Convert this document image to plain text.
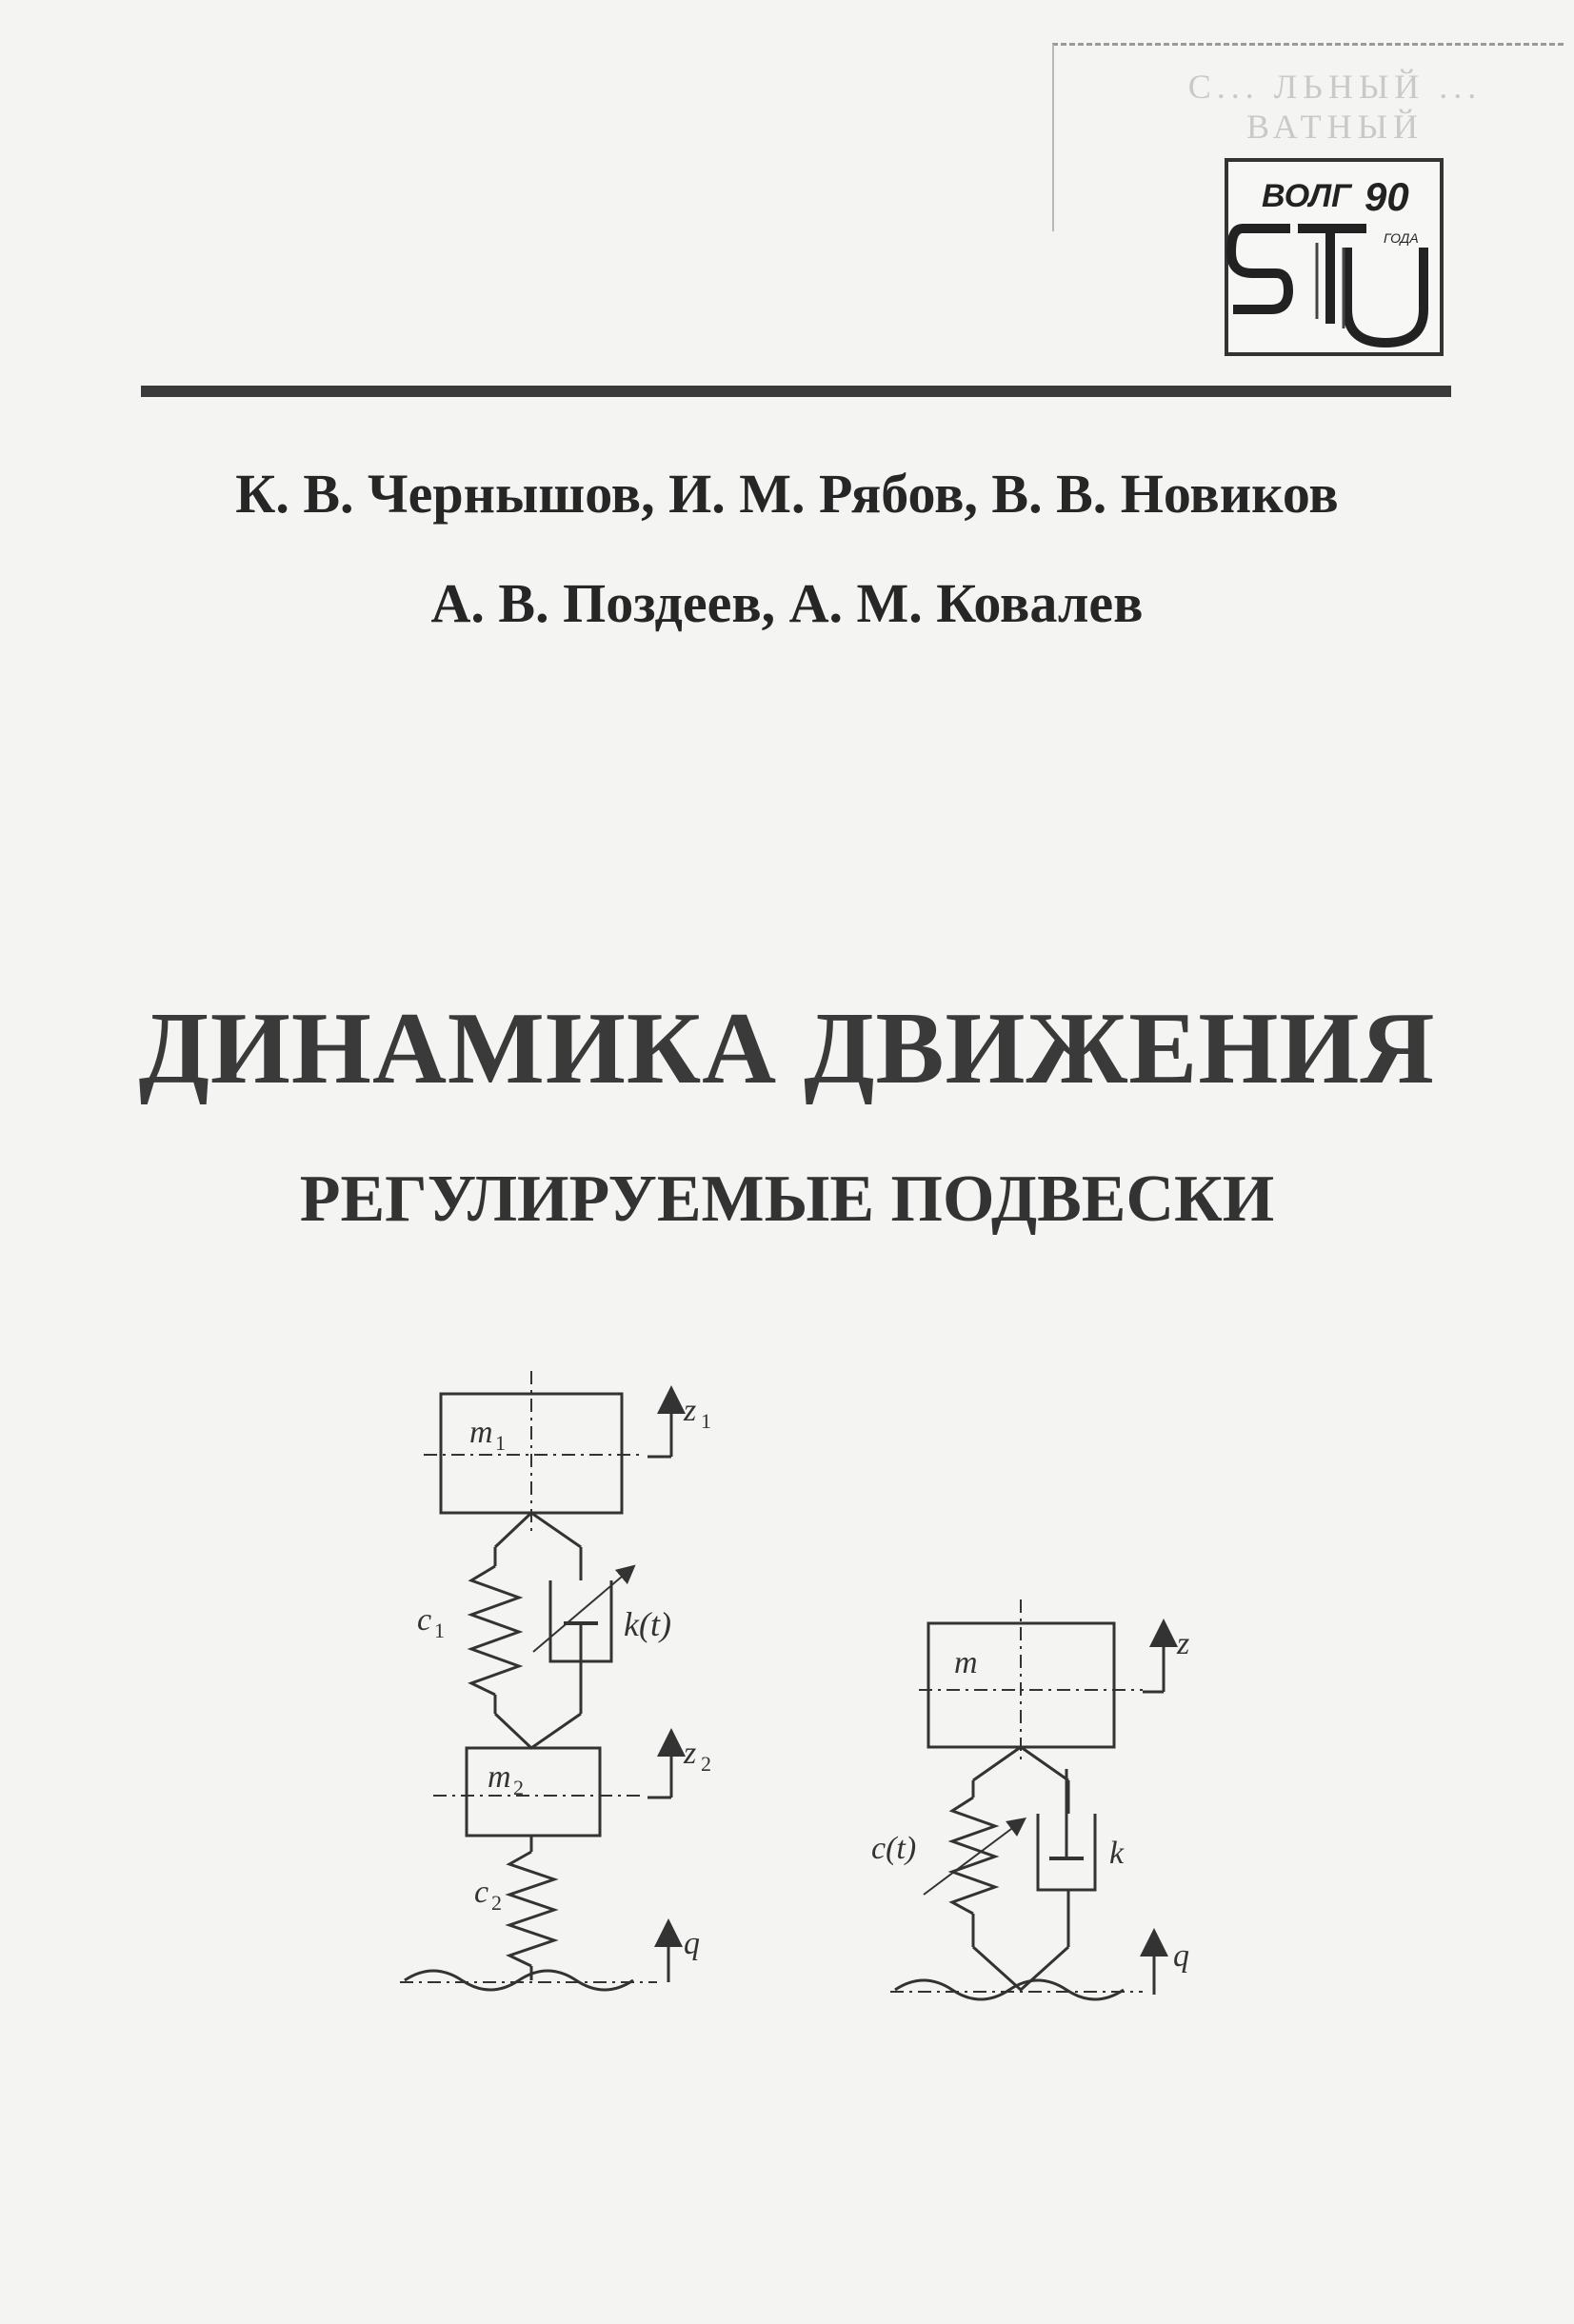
С... ЛЬНЫЙ ... ВАТНЫЙ
ВОЛГ 90
ГОДА
К. В. Чернышов, И. М. Рябов, В. В. Новиков
А. В. Поздеев, А. М. Ковалев
ДИНАМИКА ДВИЖЕНИЯ
РЕГУЛИРУЕМЫЕ ПОДВЕСКИ
m 1
z 1
c 1	k(t)
m 2
z 2
c 2
q
m
z
c(t)	k
q
